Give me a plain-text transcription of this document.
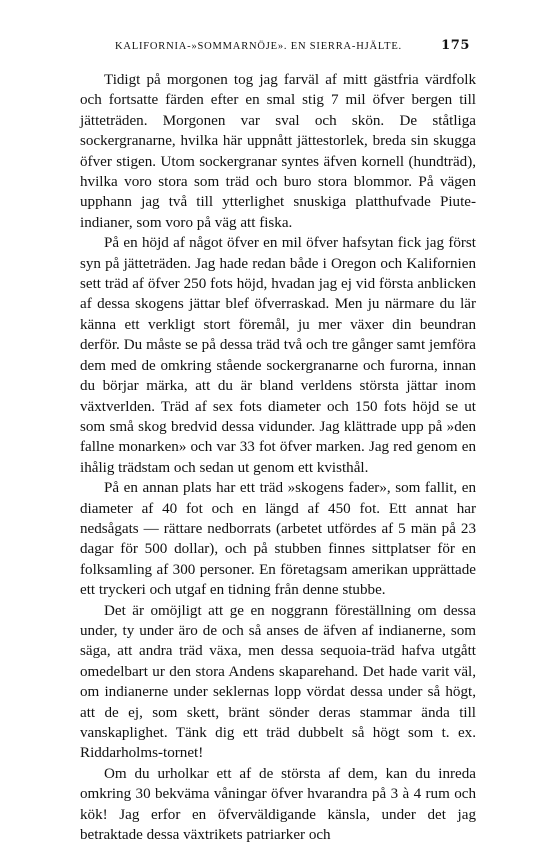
KALIFORNIA-»SOMMARNÖJE». EN SIERRA-HJÄLTE.	175

Tidigt på morgonen tog jag farväl af mitt gästfria värdfolk och fortsatte färden efter en smal stig 7 mil öfver bergen till jätteträden. Morgonen var sval och skön. De ståtliga sockergranarne, hvilka här uppnått jättestorlek, breda sin skugga öfver stigen. Utom sockergranar syntes äfven kornell (hundträd), hvilka voro stora som träd och buro stora blommor. På vägen upphann jag två till ytterlighet snuskiga platthufvade Piute-indianer, som voro på väg att fiska.

På en höjd af något öfver en mil öfver hafsytan fick jag först syn på jätteträden. Jag hade redan både i Oregon och Kalifornien sett träd af öfver 250 fots höjd, hvadan jag ej vid första anblicken af dessa skogens jättar blef öfverraskad. Men ju närmare du lär känna ett verkligt stort föremål, ju mer växer din beundran derför. Du måste se på dessa träd två och tre gånger samt jemföra dem med de omkring stående sockergranarne och furorna, innan du börjar märka, att du är bland verldens största jättar inom växtverlden. Träd af sex fots diameter och 150 fots höjd se ut som små skog bredvid dessa vidunder. Jag klättrade upp på »den fallne monarken» och var 33 fot öfver marken. Jag red genom en ihålig trädstam och sedan ut genom ett kvisthål.

På en annan plats har ett träd »skogens fader», som fallit, en diameter af 40 fot och en längd af 450 fot. Ett annat har nedsågats — rättare nedborrats (arbetet utfördes af 5 män på 23 dagar för 500 dollar), och på stubben finnes sittplatser för en folksamling af 300 personer. En företagsam amerikan upprättade ett tryckeri och utgaf en tidning från denne stubbe.

Det är omöjligt att ge en noggrann föreställning om dessa under, ty under äro de och så anses de äfven af indianerne, som säga, att andra träd växa, men dessa sequoia-träd hafva utgått omedelbart ur den stora Andens skaparehand. Det hade varit väl, om indianerne under seklernas lopp vördat dessa under så högt, att de ej, som skett, bränt sönder deras stammar ända till vanskaplighet. Tänk dig ett träd dubbelt så högt som t. ex. Riddarholms-tornet!

Om du urholkar ett af de största af dem, kan du inreda omkring 30 bekväma våningar öfver hvarandra på 3 à 4 rum och kök! Jag erfor en öfverväldigande känsla, under det jag betraktade dessa växtrikets patriarker och
